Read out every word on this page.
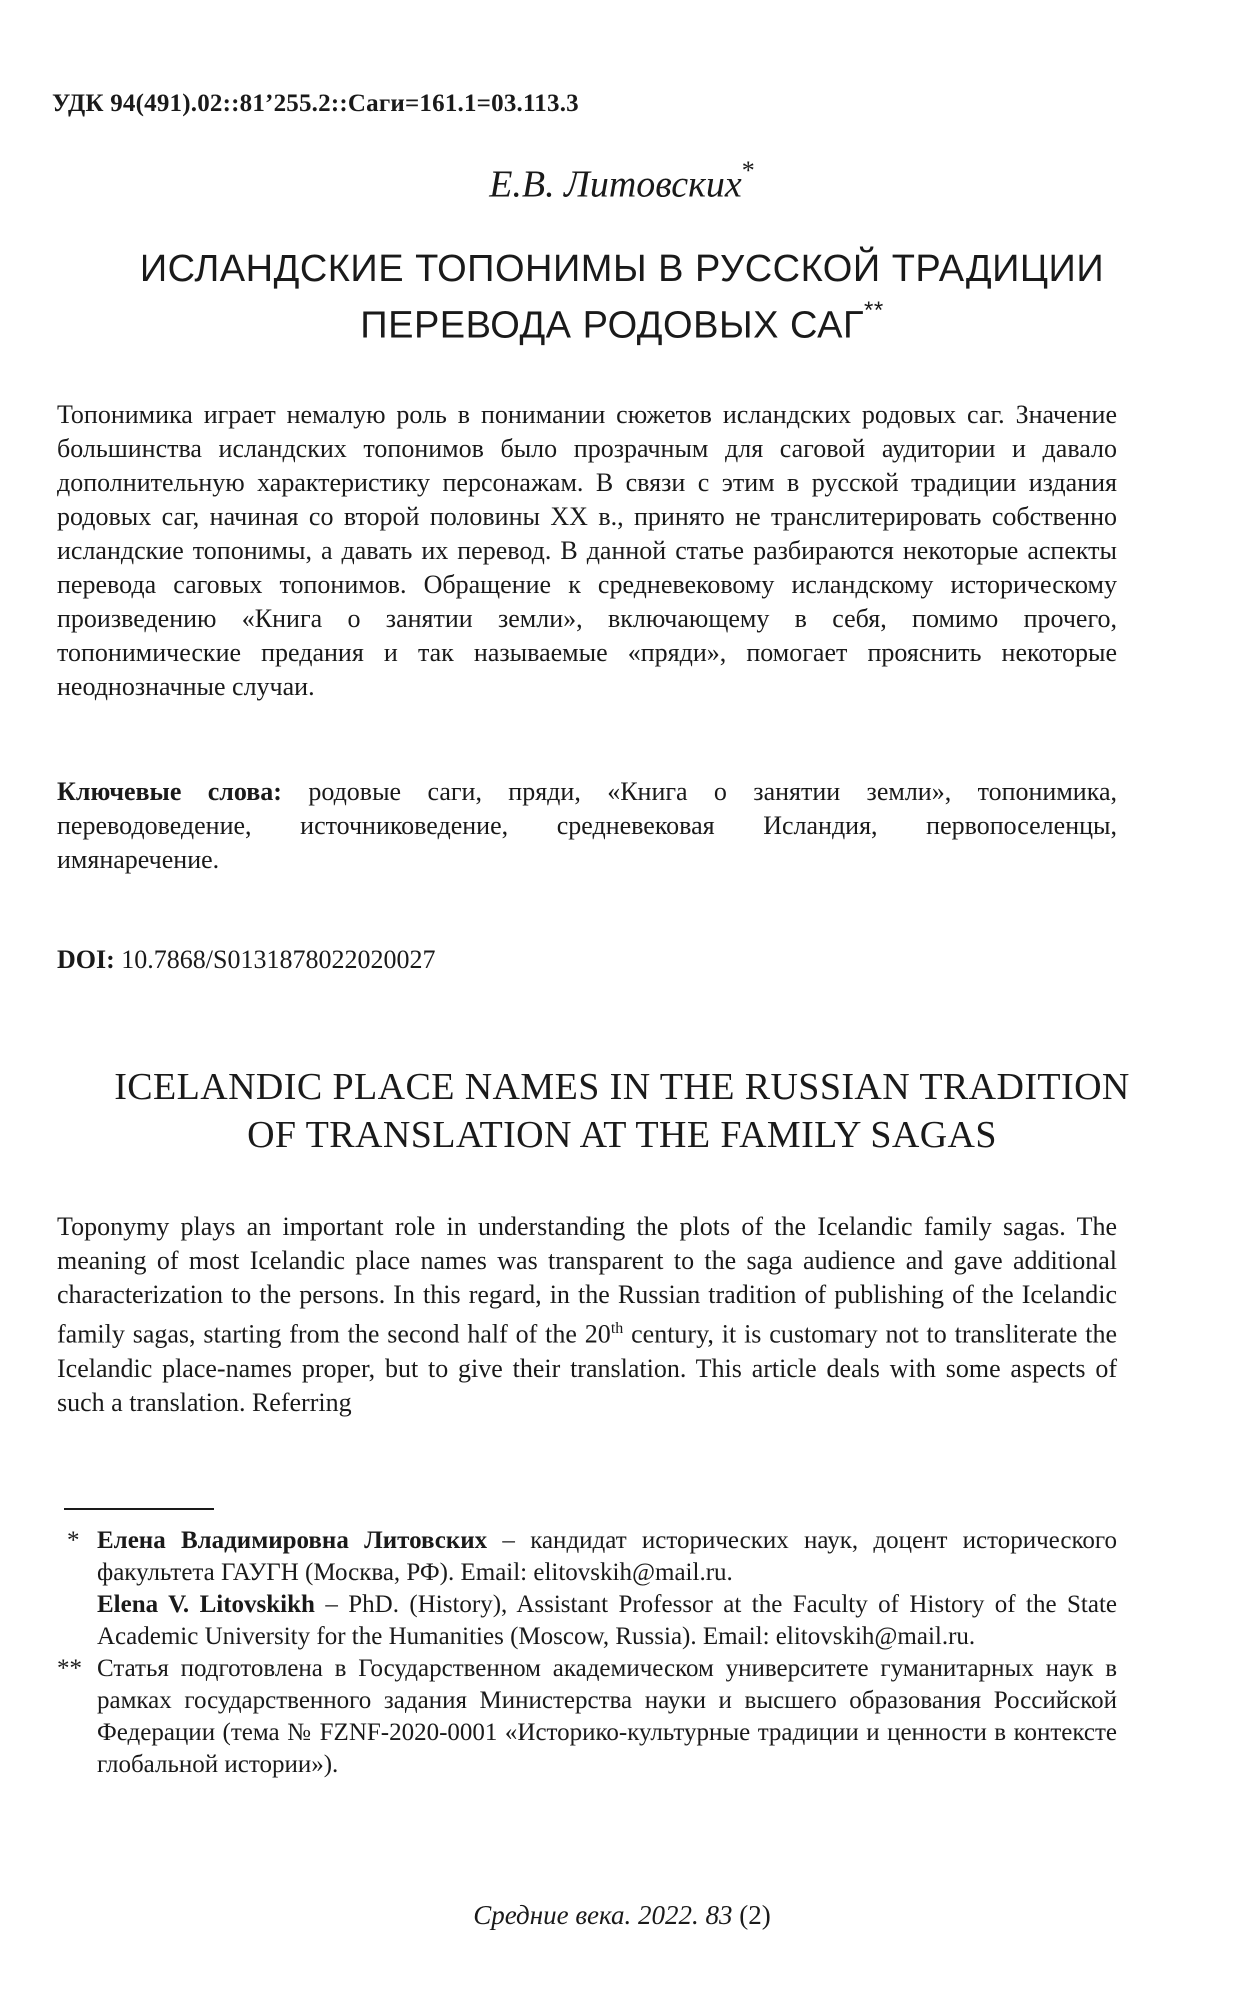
УДК 94(491).02::81’255.2::Саги=161.1=03.113.3
Е.В. Литовских*
ИСЛАНДСКИЕ ТОПОНИМЫ В РУССКОЙ ТРАДИЦИИ
ПЕРЕВОДА РОДОВЫХ САГ**

Топонимика играет немалую роль в понимании сюжетов исландских родовых саг. Значение большинства исландских топонимов было прозрачным для саговой аудитории и давало дополнительную характеристику персонажам. В связи с этим в русской традиции издания родовых саг, начиная со второй половины XX в., принято не транслитерировать собственно исландские топонимы, а давать их перевод. В данной статье разбираются некоторые аспекты перевода саговых топонимов. Обращение к средневековому исландскому историческому произведению «Книга о занятии земли», включающему в себя, помимо прочего, топонимические предания и так называемые «пряди», помогает прояснить некоторые неоднозначные случаи.

Ключевые слова: родовые саги, пряди, «Книга о занятии земли», топонимика, переводоведение, источниковедение, средневековая Исландия, первопоселенцы, имянаречение.

DOI: 10.7868/S0131878022020027
ICELANDIC PLACE NAMES IN THE RUSSIAN TRADITION
OF TRANSLATION AT THE FAMILY SAGAS

Toponymy plays an important role in understanding the plots of the Icelandic family sagas. The meaning of most Icelandic place names was transparent to the saga audience and gave additional characterization to the persons. In this regard, in the Russian tradition of publishing of the Icelandic family sagas, starting from the second half of the 20th century, it is customary not to transliterate the Icelandic place-names proper, but to give their translation. This article deals with some aspects of such a translation. Referring

* Елена Владимировна Литовских – кандидат исторических наук, доцент исторического факультета ГАУГН (Москва, РФ). Email: elitovskih@mail.ru.

Elena V. Litovskikh – PhD. (History), Assistant Professor at the Faculty of History of the State Academic University for the Humanities (Moscow, Russia). Email: elitovskih@mail.ru.

** Статья подготовлена в Государственном академическом университете гуманитарных наук в рамках государственного задания Министерства науки и высшего образования Российской Федерации (тема № FZNF-2020-0001 «Историко-культурные традиции и ценности в контексте глобальной истории»).

Средние века. 2022. 83 (2)
